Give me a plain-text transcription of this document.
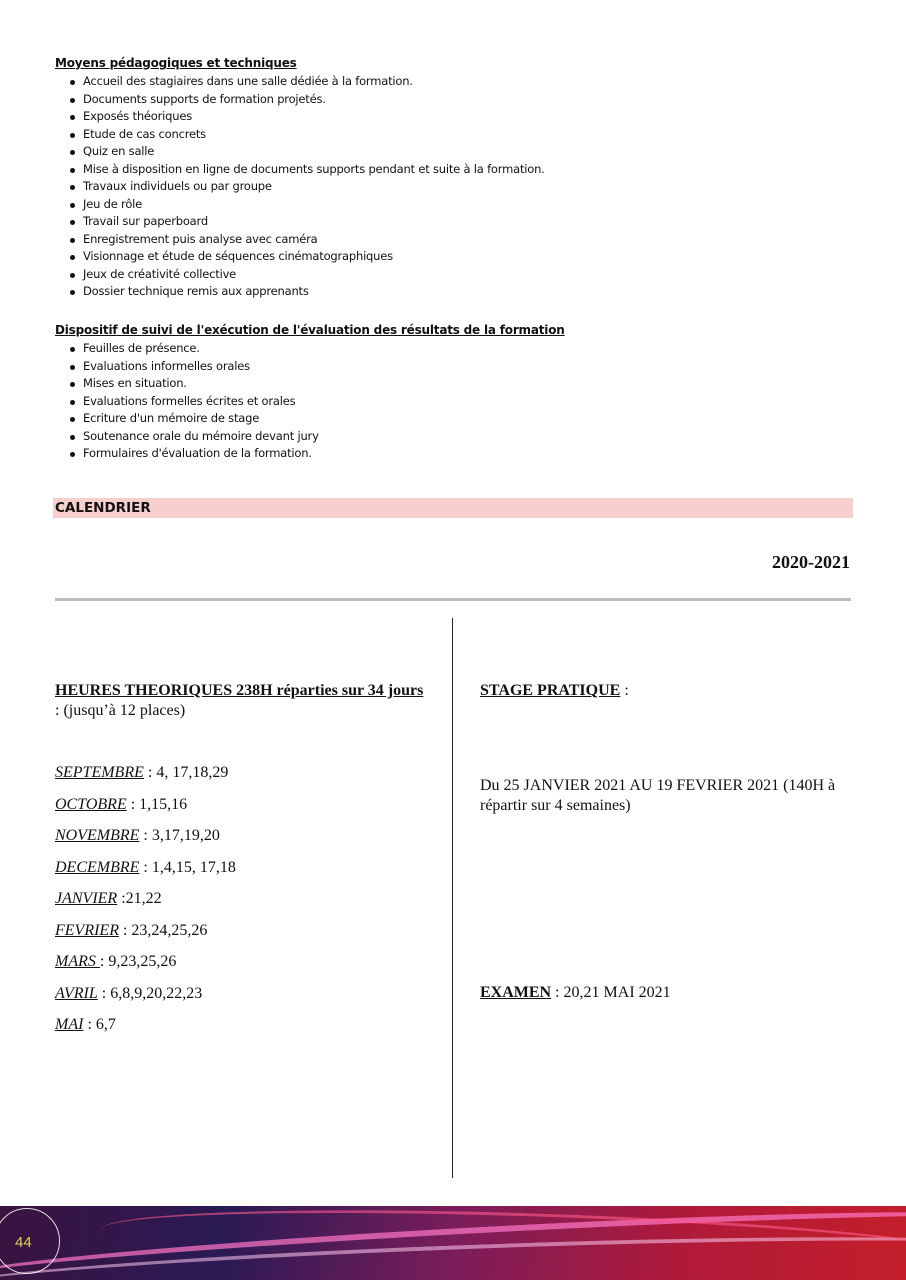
Moyens pédagogiques et techniques
Accueil des stagiaires dans une salle dédiée à la formation.
Documents supports de formation projetés.
Exposés théoriques
Etude de cas concrets
Quiz en salle
Mise à disposition en ligne de documents supports pendant et suite à la formation.
Travaux individuels ou par groupe
Jeu de rôle
Travail sur paperboard
Enregistrement puis analyse avec caméra
Visionnage et étude de séquences cinématographiques
Jeux de créativité collective
Dossier technique remis aux apprenants
Dispositif de suivi de l'exécution de l'évaluation des résultats de la formation
Feuilles de présence.
Evaluations informelles orales
Mises en situation.
Evaluations formelles écrites et orales
Ecriture d'un mémoire de stage
Soutenance orale du mémoire devant jury
Formulaires d'évaluation de la formation.
CALENDRIER
2020-2021
HEURES THEORIQUES 238H réparties sur 34 jours : (jusqu’à 12 places)
SEPTEMBRE : 4, 17,18,29
OCTOBRE : 1,15,16
NOVEMBRE : 3,17,19,20
DECEMBRE : 1,4,15, 17,18
JANVIER :21,22
FEVRIER : 23,24,25,26
MARS : 9,23,25,26
AVRIL : 6,8,9,20,22,23
MAI : 6,7
STAGE PRATIQUE :
Du 25 JANVIER 2021 AU 19 FEVRIER 2021 (140H à répartir sur 4 semaines)
EXAMEN : 20,21 MAI 2021
44
